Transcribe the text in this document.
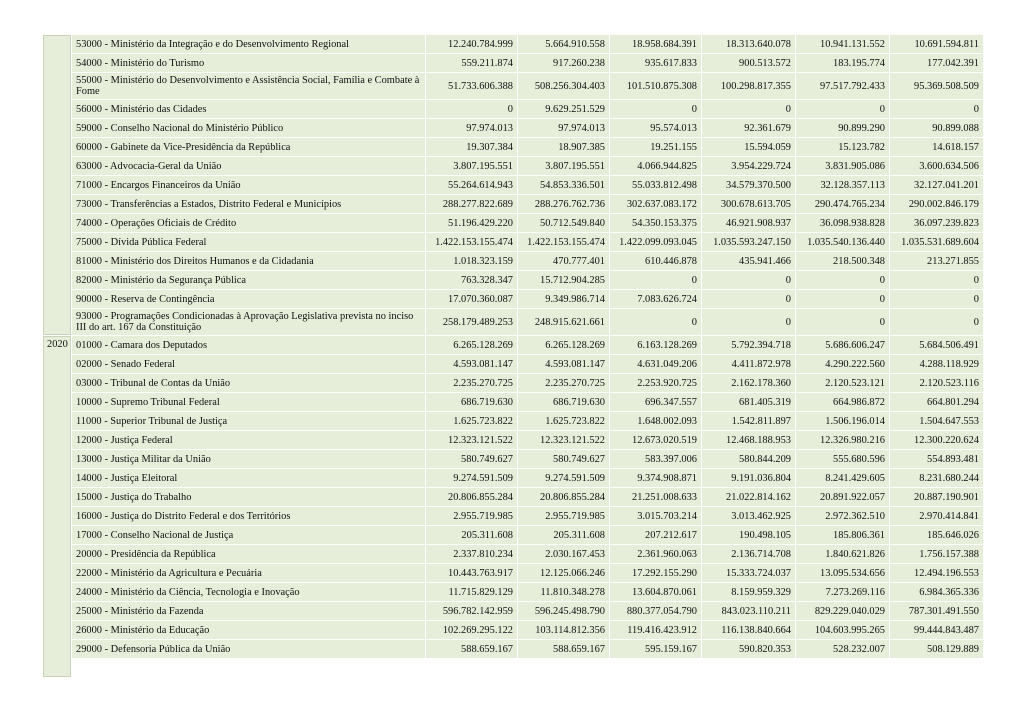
	53000 - Ministério da Integração e do Desenvolvimento Regional	12.240.784.999	5.664.910.558	18.958.684.391	18.313.640.078	10.941.131.552	10.691.594.811
	54000 - Ministério do Turismo	559.211.874	917.260.238	935.617.833	900.513.572	183.195.774	177.042.391
	55000 - Ministério do Desenvolvimento e Assistência Social, Família e Combate à Fome	51.733.606.388	508.256.304.403	101.510.875.308	100.298.817.355	97.517.792.433	95.369.508.509
	56000 - Ministério das Cidades	0	9.629.251.529	0	0	0	0
	59000 - Conselho Nacional do Ministério Público	97.974.013	97.974.013	95.574.013	92.361.679	90.899.290	90.899.088
	60000 - Gabinete da Vice-Presidência da República	19.307.384	18.907.385	19.251.155	15.594.059	15.123.782	14.618.157
	63000 - Advocacia-Geral da União	3.807.195.551	3.807.195.551	4.066.944.825	3.954.229.724	3.831.905.086	3.600.634.506
	71000 - Encargos Financeiros da União	55.264.614.943	54.853.336.501	55.033.812.498	34.579.370.500	32.128.357.113	32.127.041.201
	73000 - Transferências a Estados, Distrito Federal e Municípios	288.277.822.689	288.276.762.736	302.637.083.172	300.678.613.705	290.474.765.234	290.002.846.179
	74000 - Operações Oficiais de Crédito	51.196.429.220	50.712.549.840	54.350.153.375	46.921.908.937	36.098.938.828	36.097.239.823
	75000 - Dívida Pública Federal	1.422.153.155.474	1.422.153.155.474	1.422.099.093.045	1.035.593.247.150	1.035.540.136.440	1.035.531.689.604
	81000 - Ministério dos Direitos Humanos e da Cidadania	1.018.323.159	470.777.401	610.446.878	435.941.466	218.500.348	213.271.855
	82000 - Ministério da Segurança Pública	763.328.347	15.712.904.285	0	0	0	0
	90000 - Reserva de Contingência	17.070.360.087	9.349.986.714	7.083.626.724	0	0	0
	93000 - Programações Condicionadas à Aprovação Legislativa prevista no inciso III do art. 167 da Constituição	258.179.489.253	248.915.621.661	0	0	0	0
2020	01000 - Camara dos Deputados	6.265.128.269	6.265.128.269	6.163.128.269	5.792.394.718	5.686.606.247	5.684.506.491
	02000 - Senado Federal	4.593.081.147	4.593.081.147	4.631.049.206	4.411.872.978	4.290.222.560	4.288.118.929
	03000 - Tribunal de Contas da União	2.235.270.725	2.235.270.725	2.253.920.725	2.162.178.360	2.120.523.121	2.120.523.116
	10000 - Supremo Tribunal Federal	686.719.630	686.719.630	696.347.557	681.405.319	664.986.872	664.801.294
	11000 - Superior Tribunal de Justiça	1.625.723.822	1.625.723.822	1.648.002.093	1.542.811.897	1.506.196.014	1.504.647.553
	12000 - Justiça Federal	12.323.121.522	12.323.121.522	12.673.020.519	12.468.188.953	12.326.980.216	12.300.220.624
	13000 - Justiça Militar da União	580.749.627	580.749.627	583.397.006	580.844.209	555.680.596	554.893.481
	14000 - Justiça Eleitoral	9.274.591.509	9.274.591.509	9.374.908.871	9.191.036.804	8.241.429.605	8.231.680.244
	15000 - Justiça do Trabalho	20.806.855.284	20.806.855.284	21.251.008.633	21.022.814.162	20.891.922.057	20.887.190.901
	16000 - Justiça do Distrito Federal e dos Territórios	2.955.719.985	2.955.719.985	3.015.703.214	3.013.462.925	2.972.362.510	2.970.414.841
	17000 - Conselho Nacional de Justiça	205.311.608	205.311.608	207.212.617	190.498.105	185.806.361	185.646.026
	20000 - Presidência da República	2.337.810.234	2.030.167.453	2.361.960.063	2.136.714.708	1.840.621.826	1.756.157.388
	22000 - Ministério da Agricultura e Pecuária	10.443.763.917	12.125.066.246	17.292.155.290	15.333.724.037	13.095.534.656	12.494.196.553
	24000 - Ministério da Ciência, Tecnologia e Inovação	11.715.829.129	11.810.348.278	13.604.870.061	8.159.959.329	7.273.269.116	6.984.365.336
	25000 - Ministério da Fazenda	596.782.142.959	596.245.498.790	880.377.054.790	843.023.110.211	829.229.040.029	787.301.491.550
	26000 - Ministério da Educação	102.269.295.122	103.114.812.356	119.416.423.912	116.138.840.664	104.603.995.265	99.444.843.487
	29000 - Defensoria Pública da União	588.659.167	588.659.167	595.159.167	590.820.353	528.232.007	508.129.889
